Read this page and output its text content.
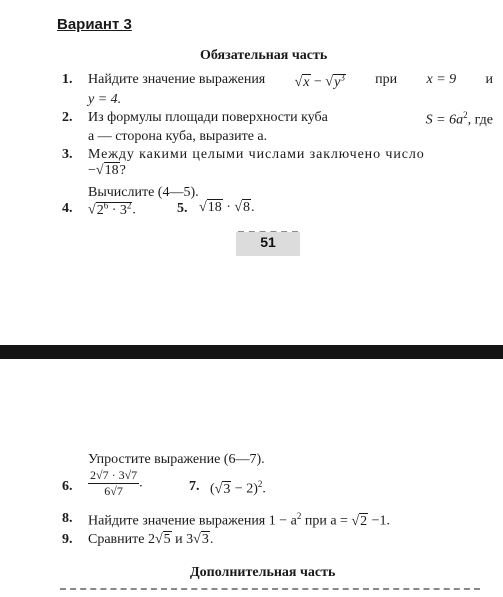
Вариант 3
Обязательная часть
1. Найдите значение выражения $√x - √y^3$ при x = 9 и
y = 4.
2. Из формулы площади поверхности куба	$S = 6a^2$, где
a — сторона куба, выразите a.
3. Между какими целыми числами заключено число
−√18?
Вычислите (4—5).
4. $√2^6 \cdot 3^2$.	5. √18 · √8.
51
Упростите выражение (6—7).
6. $\frac{2√7 \cdot 3√7}{6√7}$ .	7. $(√3 - 2)^2$.
8. Найдите значение выражения $1 - a^2$ при a = √2 −1.
9. Сравните 2√5 и 3√3.
Дополнительная часть
